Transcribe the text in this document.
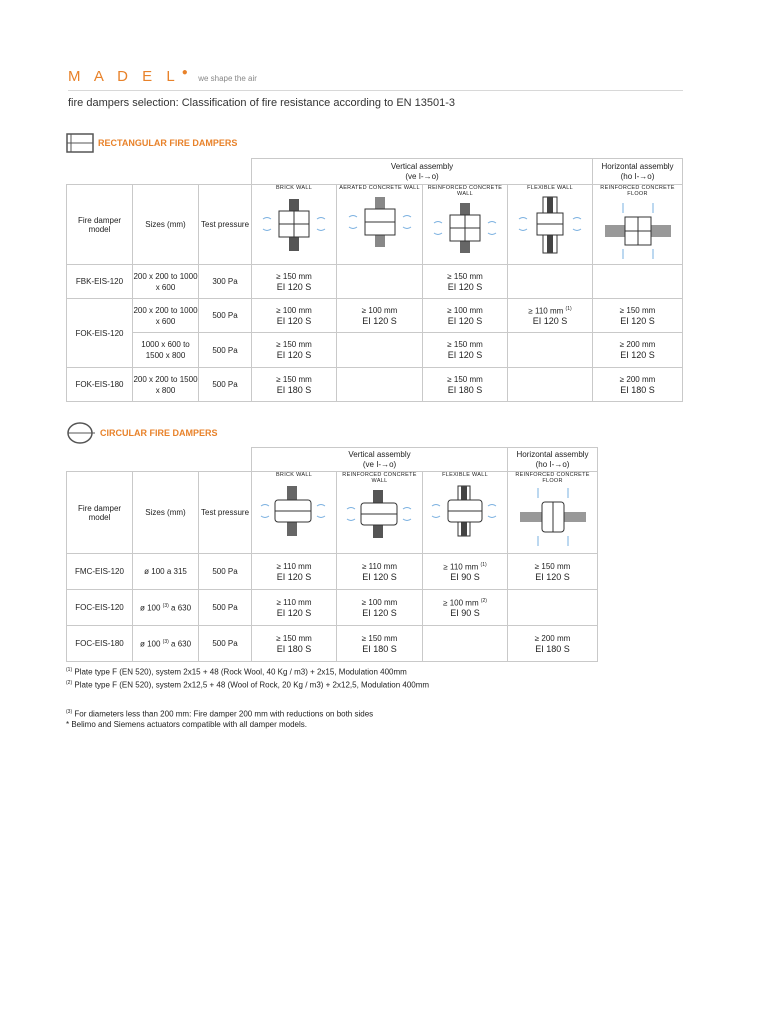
M A D E L ● we shape the air
fire dampers selection: Classification of fire resistance according to EN 13501-3
RECTANGULAR FIRE DAMPERS
			Vertical assembly
(ve I-→o)				Horizontal assembly
(ho I-→o)
Fire damper model	Sizes (mm)	Test pressure	BRICK WALL	AERATED CONCRETE WALL	REINFORCED CONCRETE WALL	FLEXIBLE WALL	REINFORCED CONCRETE FLOOR

FBK-EIS-120	200 x 200 to 1000 x 600	300 Pa	≥ 150 mm
EI 120 S		≥ 150 mm
EI 120 S		
FOK-EIS-120	200 x 200 to 1000 x 600	500 Pa	≥ 100 mm
EI 120 S	≥ 100 mm
EI 120 S	≥ 100 mm
EI 120 S	≥ 110 mm $^{(1)}$
EI 120 S	≥ 150 mm
EI 120 S
	1000 x 600 to 1500 x 800	500 Pa	≥ 150 mm
EI 120 S		≥ 150 mm
EI 120 S		≥ 200 mm
EI 120 S
FOK-EIS-180	200 x 200 to 1500 x 800	500 Pa	≥ 150 mm
EI 180 S		≥ 150 mm
EI 180 S		≥ 200 mm
EI 180 S
CIRCULAR FIRE DAMPERS
			Vertical assembly
(ve I-→o)			Horizontal assembly
(ho I-→o)
Fire damper model	Sizes (mm)	Test pressure	BRICK WALL	REINFORCED CONCRETE WALL	FLEXIBLE WALL	REINFORCED CONCRETE FLOOR

FMC-EIS-120	ø 100 a 315	500 Pa	≥ 110 mm
EI 120 S	≥ 110 mm
EI 120 S	≥ 110 mm $^{(1)}$
EI 90 S	≥ 150 mm
EI 120 S
FOC-EIS-120	ø 100 $^{(3)}$ a 630	500 Pa	≥ 110 mm
EI 120 S	≥ 100 mm
EI 120 S	≥ 100 mm $^{(2)}$
EI 90 S	
FOC-EIS-180	ø 100 $^{(3)}$ a 630	500 Pa	≥ 150 mm
EI 180 S	≥ 150 mm
EI 180 S		≥ 200 mm
EI 180 S

$^{(1)}$ Plate type F (EN 520), system 2x15 + 48 (Rock Wool, 40 Kg / m3) + 2x15, Modulation 400mm

$^{(2)}$ Plate type F (EN 520), system 2x12,5 + 48 (Wool of Rock, 20 Kg / m3) + 2x12,5, Modulation 400mm

$^{(3)}$ For diameters less than 200 mm: Fire damper 200 mm with reductions on both sides

* Belimo and Siemens actuators compatible with all damper models.
